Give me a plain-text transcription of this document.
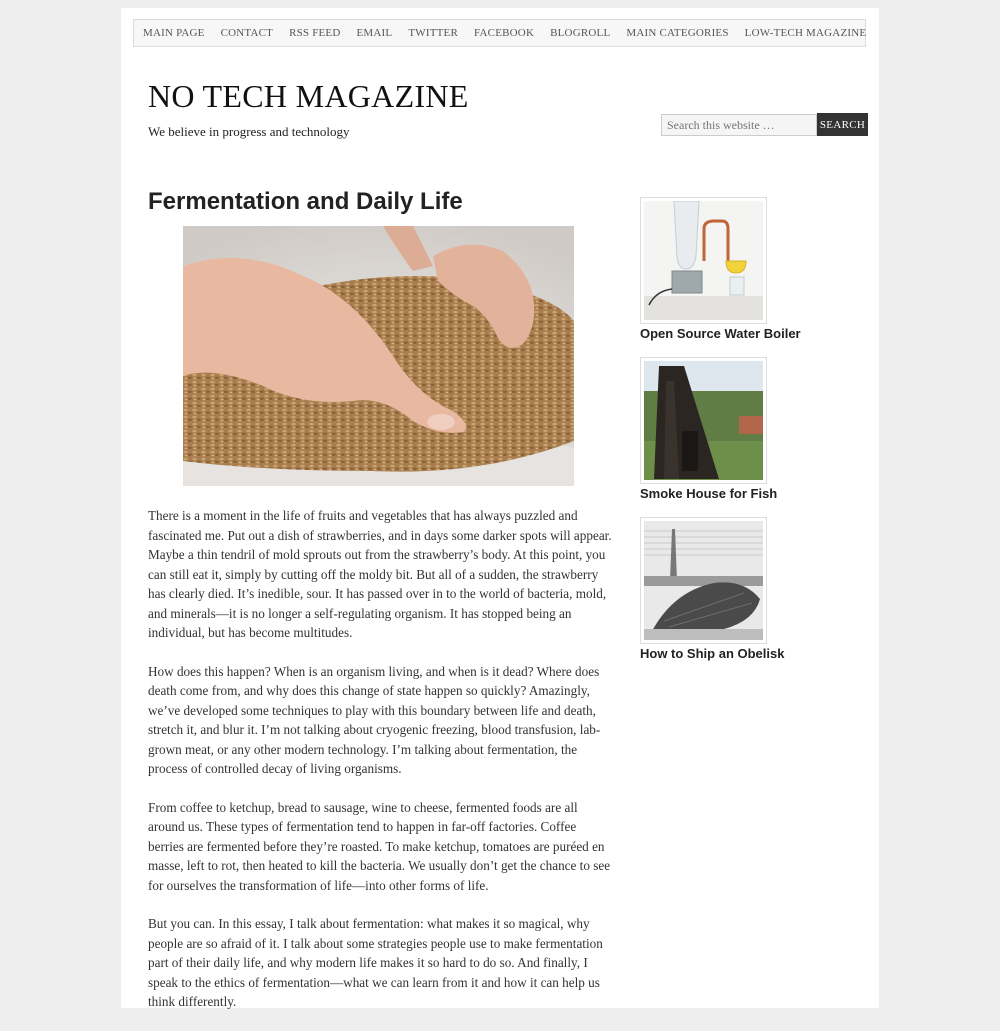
MAIN PAGE CONTACT RSS FEED EMAIL TWITTER FACEBOOK BLOGROLL MAIN CATEGORIES LOW-TECH MAGAZINE
NO TECH MAGAZINE
We believe in progress and technology
Search this website …	SEARCH
Fermentation and Daily Life

There is a moment in the life of fruits and vegetables that has always puzzled and fascinated me. Put out a dish of strawberries, and in days some darker spots will appear. Maybe a thin tendril of mold sprouts out from the strawberry’s body. At this point, you can still eat it, simply by cutting off the moldy bit. But all of a sudden, the strawberry has clearly died. It’s inedible, sour. It has passed over in to the world of bacteria, mold, and minerals—it is no longer a self-regulating organism. It has stopped being an individual, but has become multitudes.

How does this happen? When is an organism living, and when is it dead? Where does death come from, and why does this change of state happen so quickly? Amazingly, we’ve developed some techniques to play with this boundary between life and death, stretch it, and blur it. I’m not talking about cryogenic freezing, blood transfusion, lab-grown meat, or any other modern technology. I’m talking about fermentation, the process of controlled decay of living organisms.

From coffee to ketchup, bread to sausage, wine to cheese, fermented foods are all around us. These types of fermentation tend to happen in far-off factories. Coffee berries are fermented before they’re roasted. To make ketchup, tomatoes are puréed en masse, left to rot, then heated to kill the bacteria. We usually don’t get the chance to see for ourselves the transformation of life—into other forms of life.

But you can. In this essay, I talk about fermentation: what makes it so magical, why people are so afraid of it. I talk about some strategies people use to make fermentation part of their daily life, and why modern life makes it so hard to do so. And finally, I speak to the ethics of fermentation—what we can learn from it and how it can help us think differently.

Open Source Water Boiler
Smoke House for Fish
How to Ship an Obelisk
